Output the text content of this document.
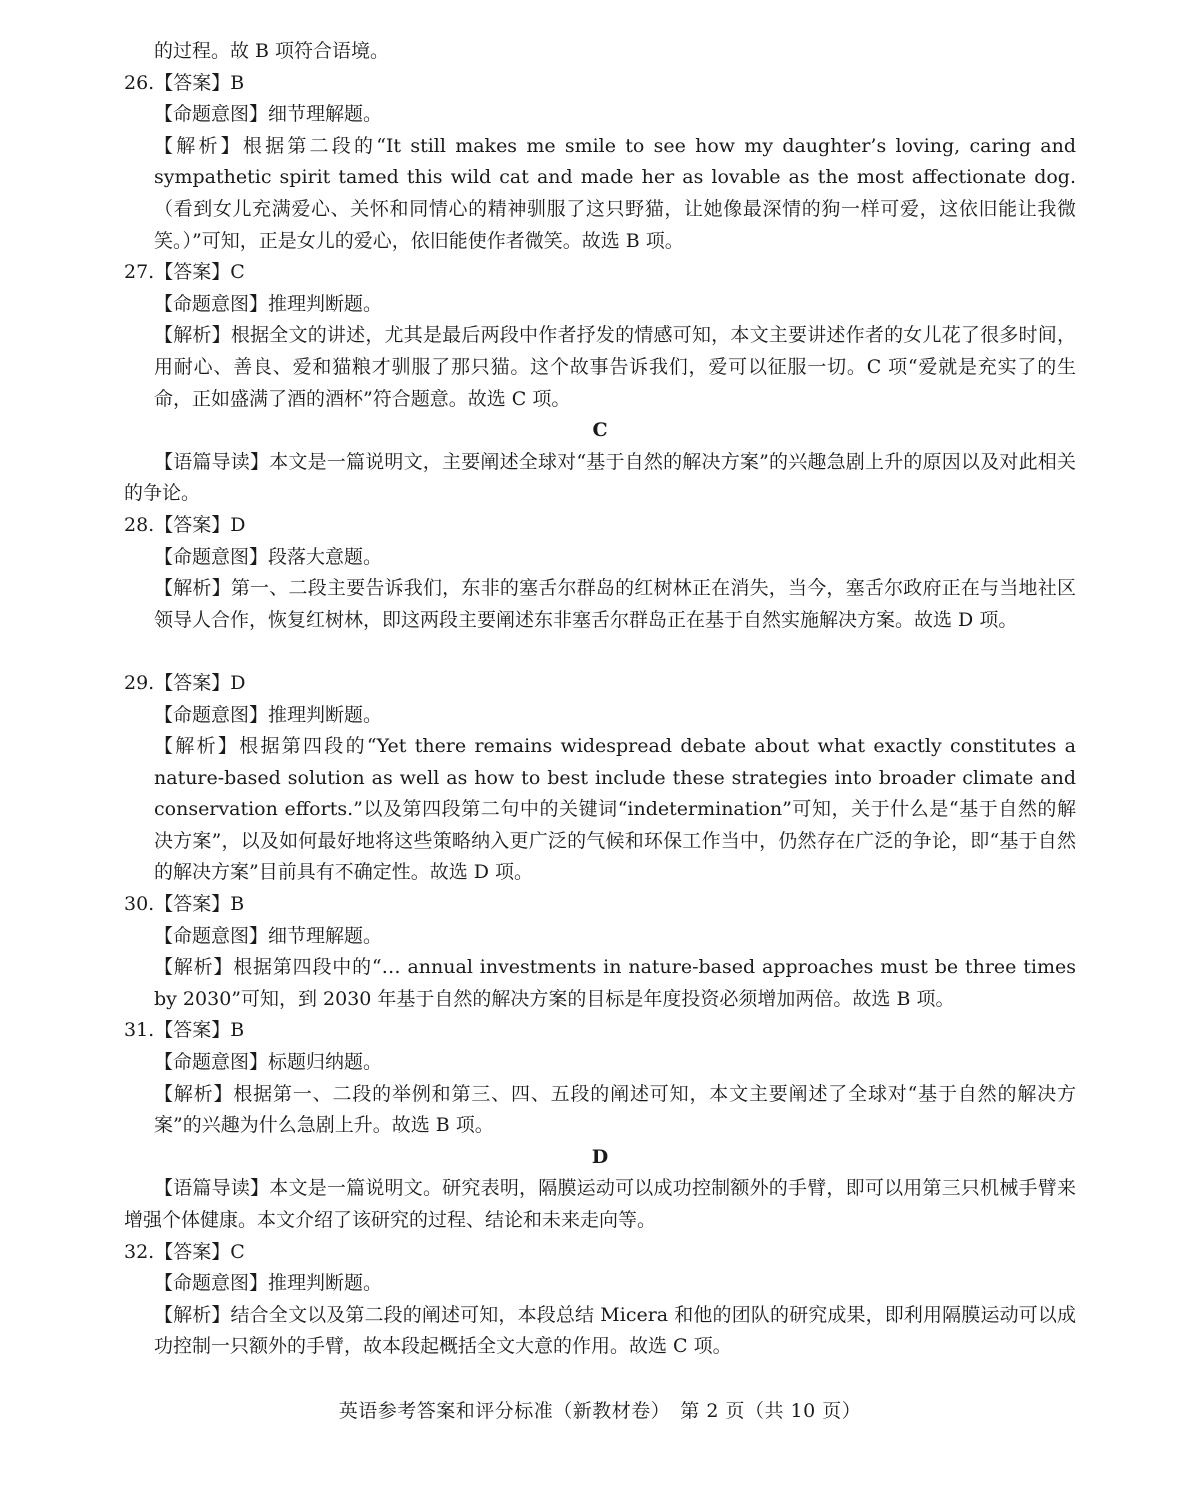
的过程。故 B 项符合语境。
26.【答案】B
【命题意图】细节理解题。
【解析】根据第二段的“It still makes me smile to see how my daughter’s loving, caring and sympathetic spirit tamed this wild cat and made her as lovable as the most affectionate dog.（看到女儿充满爱心、关怀和同情心的精神驯服了这只野猫，让她像最深情的狗一样可爱，这依旧能让我微笑。）”可知，正是女儿的爱心，依旧能使作者微笑。故选 B 项。
27.【答案】C
【命题意图】推理判断题。
【解析】根据全文的讲述，尤其是最后两段中作者抒发的情感可知，本文主要讲述作者的女儿花了很多时间，用耐心、善良、爱和猫粮才驯服了那只猫。这个故事告诉我们，爱可以征服一切。C 项“爱就是充实了的生命，正如盛满了酒的酒杯”符合题意。故选 C 项。
C
【语篇导读】本文是一篇说明文，主要阐述全球对“基于自然的解决方案”的兴趣急剧上升的原因以及对此相关的争论。
28.【答案】D
【命题意图】段落大意题。
【解析】第一、二段主要告诉我们，东非的塞舌尔群岛的红树林正在消失，当今，塞舌尔政府正在与当地社区领导人合作，恢复红树林，即这两段主要阐述东非塞舌尔群岛正在基于自然实施解决方案。故选 D 项。
29.【答案】D
【命题意图】推理判断题。
【解析】根据第四段的“Yet there remains widespread debate about what exactly constitutes a nature-based solution as well as how to best include these strategies into broader climate and conservation efforts.”以及第四段第二句中的关键词“indetermination”可知，关于什么是“基于自然的解决方案”，以及如何最好地将这些策略纳入更广泛的气候和环保工作当中，仍然存在广泛的争论，即“基于自然的解决方案”目前具有不确定性。故选 D 项。
30.【答案】B
【命题意图】细节理解题。
【解析】根据第四段中的“… annual investments in nature-based approaches must be three times by 2030”可知，到 2030 年基于自然的解决方案的目标是年度投资必须增加两倍。故选 B 项。
31.【答案】B
【命题意图】标题归纳题。
【解析】根据第一、二段的举例和第三、四、五段的阐述可知，本文主要阐述了全球对“基于自然的解决方案”的兴趣为什么急剧上升。故选 B 项。
D
【语篇导读】本文是一篇说明文。研究表明，隔膜运动可以成功控制额外的手臂，即可以用第三只机械手臂来增强个体健康。本文介绍了该研究的过程、结论和未来走向等。
32.【答案】C
【命题意图】推理判断题。
【解析】结合全文以及第二段的阐述可知，本段总结 Micera 和他的团队的研究成果，即利用隔膜运动可以成功控制一只额外的手臂，故本段起概括全文大意的作用。故选 C 项。
英语参考答案和评分标准（新教材卷）　第 2 页（共 10 页）
